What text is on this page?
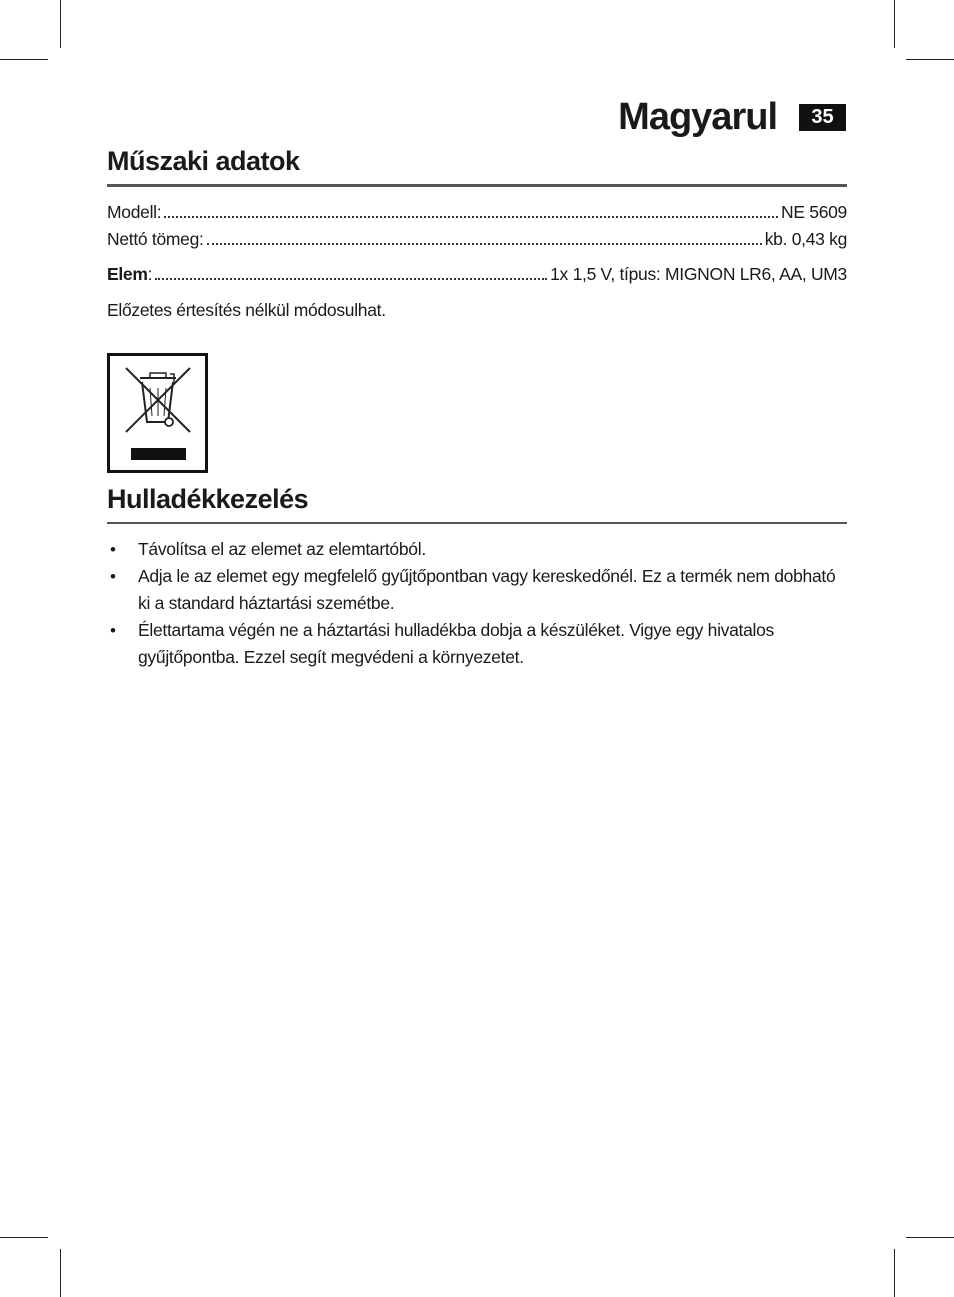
Magyarul	35
Műszaki adatok
Modell:	NE 5609
Nettó tömeg:	kb. 0,43 kg
Elem:	1x 1,5 V, típus: MIGNON LR6, AA, UM3
Előzetes értesítés nélkül módosulhat.
Hulladékkezelés
• Távolítsa el az elemet az elemtartóból.
• Adja le az elemet egy megfelelő gyűjtőpontban vagy kereskedőnél. Ez a termék nem dobható ki a standard háztartási szemétbe.
• Élettartama végén ne a háztartási hulladékba dobja a készüléket. Vigye egy hivatalos gyűjtőpontba. Ezzel segít megvédeni a környezetet.
